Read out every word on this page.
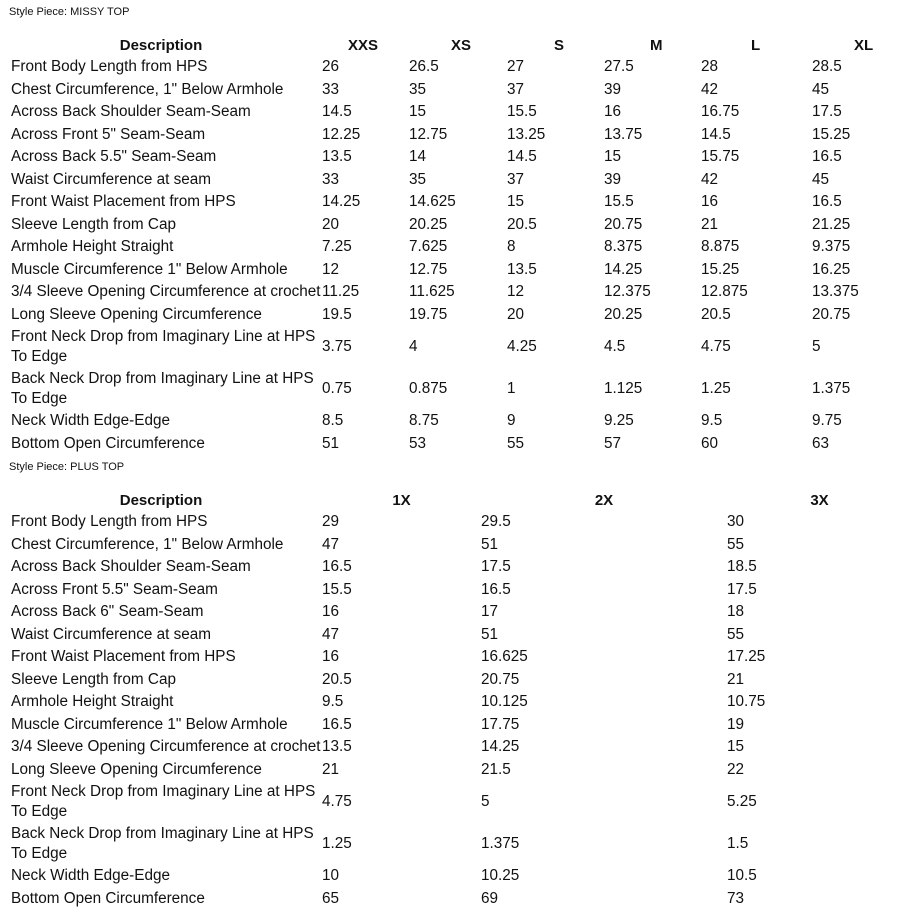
Style Piece: MISSY TOP

Description	XXS	XS	S	M	L	XL
Front Body Length from HPS	26	26.5	27	27.5	28	28.5
Chest Circumference, 1" Below Armhole	33	35	37	39	42	45
Across Back Shoulder Seam-Seam	14.5	15	15.5	16	16.75	17.5
Across Front 5" Seam-Seam	12.25	12.75	13.25	13.75	14.5	15.25
Across Back 5.5" Seam-Seam	13.5	14	14.5	15	15.75	16.5
Waist Circumference at seam	33	35	37	39	42	45
Front Waist Placement from HPS	14.25	14.625	15	15.5	16	16.5
Sleeve Length from Cap	20	20.25	20.5	20.75	21	21.25
Armhole Height Straight	7.25	7.625	8	8.375	8.875	9.375
Muscle Circumference 1" Below Armhole	12	12.75	13.5	14.25	15.25	16.25
3/4 Sleeve Opening Circumference at crochet	11.25	11.625	12	12.375	12.875	13.375
Long Sleeve Opening Circumference	19.5	19.75	20	20.25	20.5	20.75
Front Neck Drop from Imaginary Line at HPS To Edge	3.75	4	4.25	4.5	4.75	5
Back Neck Drop from Imaginary Line at HPS To Edge	0.75	0.875	1	1.125	1.25	1.375
Neck Width Edge-Edge	8.5	8.75	9	9.25	9.5	9.75
Bottom Open Circumference	51	53	55	57	60	63

Style Piece: PLUS TOP

Description	1X	2X	3X
Front Body Length from HPS	29	29.5	30
Chest Circumference, 1" Below Armhole	47	51	55
Across Back Shoulder Seam-Seam	16.5	17.5	18.5
Across Front 5.5" Seam-Seam	15.5	16.5	17.5
Across Back 6" Seam-Seam	16	17	18
Waist Circumference at seam	47	51	55
Front Waist Placement from HPS	16	16.625	17.25
Sleeve Length from Cap	20.5	20.75	21
Armhole Height Straight	9.5	10.125	10.75
Muscle Circumference 1" Below Armhole	16.5	17.75	19
3/4 Sleeve Opening Circumference at crochet	13.5	14.25	15
Long Sleeve Opening Circumference	21	21.5	22
Front Neck Drop from Imaginary Line at HPS To Edge	4.75	5	5.25
Back Neck Drop from Imaginary Line at HPS To Edge	1.25	1.375	1.5
Neck Width Edge-Edge	10	10.25	10.5
Bottom Open Circumference	65	69	73
